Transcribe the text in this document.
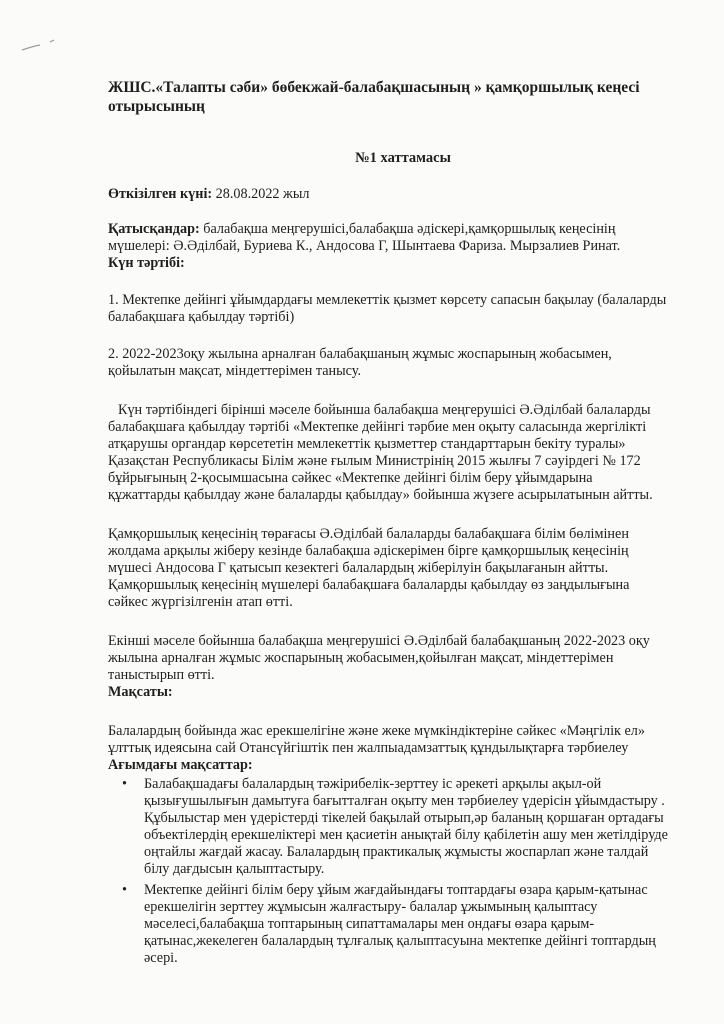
ЖШС.«Талапты сәби» бөбекжай-балабақшасының » қамқоршылық кеңесі отырысының

№1 хаттамасы

Өткізілген күні: 28.08.2022 жыл

Қатысқандар: балабақша меңгерушісі,балабақша әдіскері,қамқоршылық кеңесінің мүшелері: Ә.Әділбай, Буриева К., Андосова Г, Шынтаева Фариза. Мырзалиев Ринат.

Күн тәртібі:

1. Мектепке дейінгі ұйымдардағы мемлекеттік қызмет көрсету сапасын бақылау (балаларды балабақшаға қабылдау тәртібі)

2. 2022-2023оқу жылына арналған балабақшаның жұмыс жоспарының жобасымен, қойылатын мақсат, міндеттерімен танысу.

Күн тәртібіндегі бірінші мәселе бойынша балабақша меңгерушісі Ә.Әділбай балаларды балабақшаға қабылдау тәртібі «Мектепке дейінгі тәрбие мен оқыту саласында жергілікті атқарушы органдар көрсететін мемлекеттік қызметтер стандарттарын бекіту туралы» Қазақстан Республикасы Білім және ғылым Министрінің 2015 жылғы 7 сәуірдегі № 172 бұйрығының 2-қосымшасына сәйкес «Мектепке дейінгі білім беру ұйымдарына құжаттарды қабылдау және балаларды қабылдау» бойынша жүзеге асырылатынын айтты.

Қамқоршылық кеңесінің төрағасы Ә.Әділбай балаларды балабақшаға білім бөлімінен жолдама арқылы жіберу кезінде балабақша әдіскерімен бірге қамқоршылық кеңесінің мүшесі Андосова Г қатысып кезектегі балалардың жіберілуін бақылағанын айтты. Қамқоршылық кеңесінің мүшелері балабақшаға балаларды қабылдау өз заңдылығына сәйкес жүргізілгенін атап өтті.

Екінші мәселе бойынша балабақша меңгерушісі Ә.Әділбай балабақшаның 2022-2023 оқу жылына арналған жұмыс жоспарының жобасымен,қойылған мақсат, міндеттерімен таныстырып өтті.

Мақсаты:

Балалардың бойында жас ерекшелігіне және жеке мүмкіндіктеріне сәйкес «Мәңгілік ел» ұлттық идеясына сай Отансүйгіштік пен жалпыадамзаттық құндылықтарға тәрбиелеу

Ағымдағы мақсаттар:

• Балабақшадағы балалардың тәжірибелік-зерттеу іс әрекеті арқылы ақыл-ой қызығушылығын дамытуға бағытталған оқыту мен тәрбиелеу үдерісін ұйымдастыру . Құбылыстар мен үдерістерді тікелей бақылай отырып,әр баланың қоршаған ортадағы объектілердің ерекшеліктері мен қасиетін анықтай білу қабілетін ашу мен жетілдіруде оңтайлы жағдай жасау. Балалардың практикалық жұмысты жоспарлап және талдай білу дағдысын қалыптастыру.
• Мектепке дейінгі білім беру ұйым жағдайындағы топтардағы өзара қарым-қатынас ерекшелігін зерттеу жұмысын жалғастыру- балалар ұжымының қалыптасу мәселесі,балабақша топтарының сипаттамалары мен ондағы өзара қарым-қатынас,жекелеген балалардың тұлғалық қалыптасуына мектепке дейінгі топтардың әсері.
